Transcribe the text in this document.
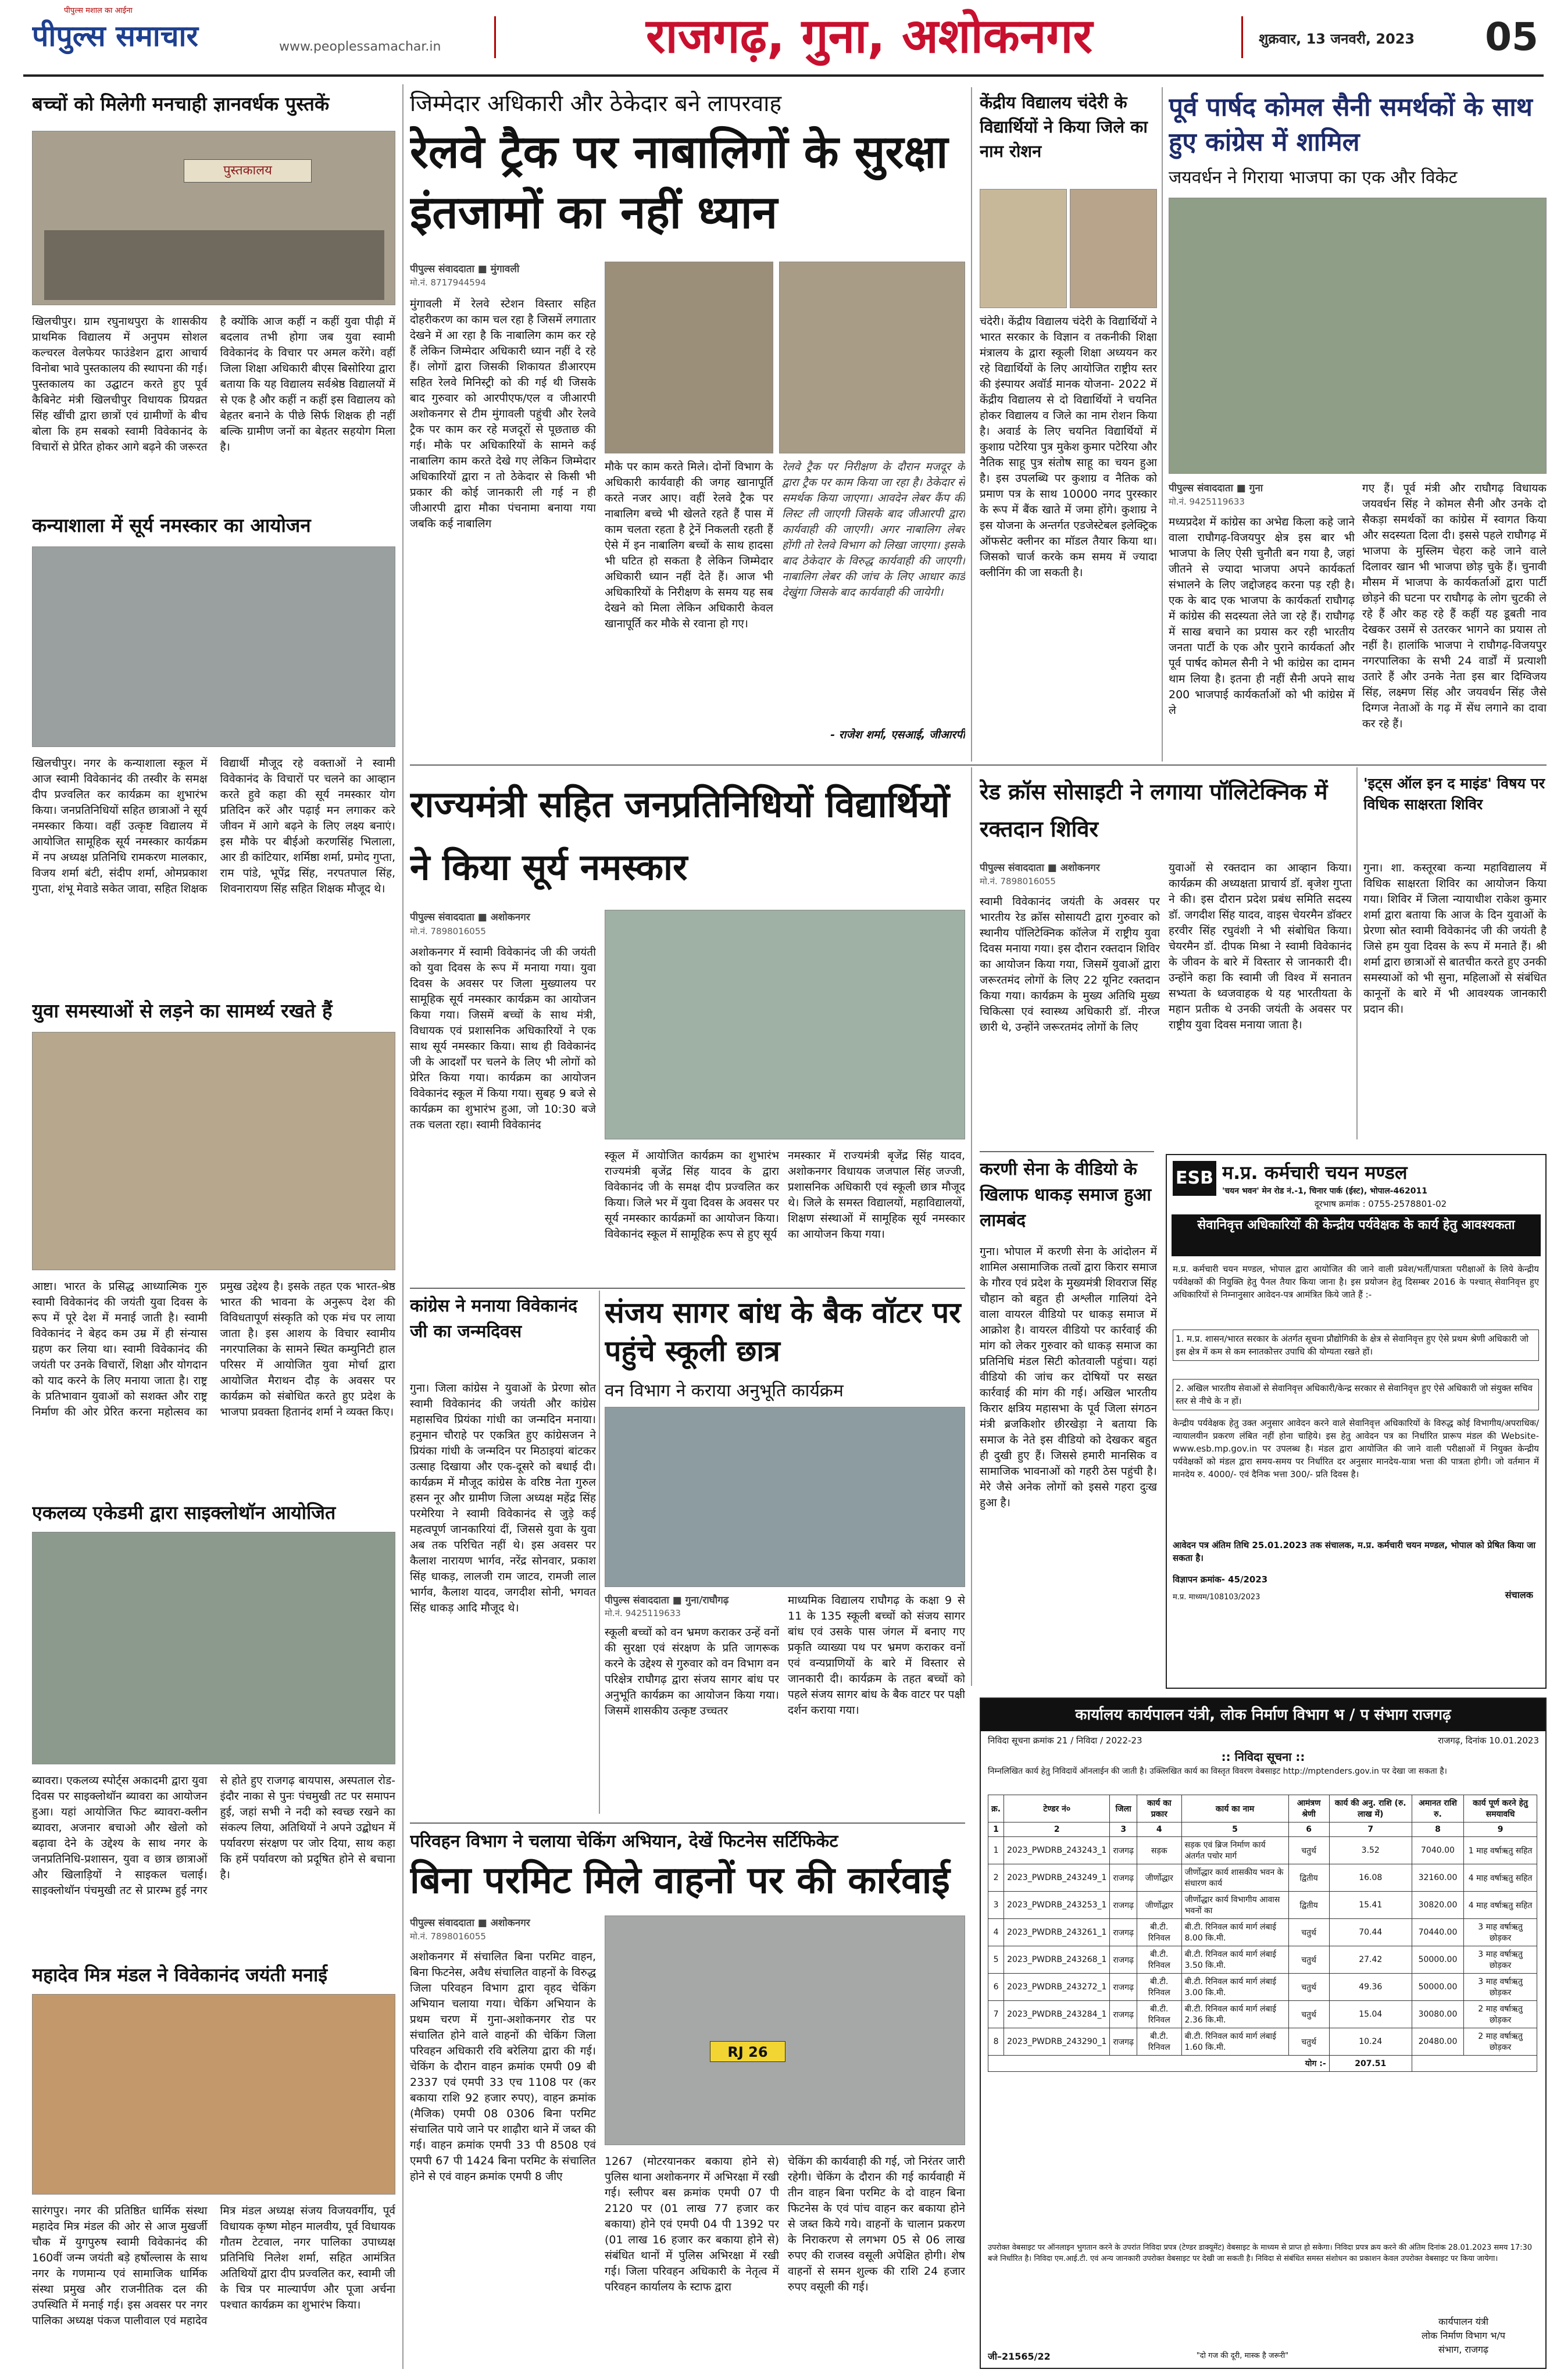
पीपुल्स मशाल का आईना
पीपुल्स समाचार	www.peoplessamachar.in	राजगढ़, गुना, अशोकनगर	शुक्रवार, 13 जनवरी, 2023	05
बच्चों को मिलेगी मनचाही ज्ञानवर्धक पुस्तकें
पुस्तकालय
खिलचीपुर। ग्राम रघुनाथपुरा के शासकीय प्राथमिक विद्यालय में अनुपम सोशल कल्चरल वेलफेयर फाउंडेशन द्वारा आचार्य विनोबा भावे पुस्तकालय की स्थापना की गई। पुस्तकालय का उद्घाटन करते हुए पूर्व कैबिनेट मंत्री खिलचीपुर विधायक प्रियव्रत सिंह खींची द्वारा छात्रों एवं ग्रामीणों के बीच बोला कि हम सबको स्वामी विवेकानंद के विचारों से प्रेरित होकर आगे बढ़ने की जरूरत है क्योंकि आज कहीं न कहीं युवा पीढ़ी में बदलाव तभी होगा जब युवा स्वामी विवेकानंद के विचार पर अमल करेंगे। वहीं जिला शिक्षा अधिकारी बीएस बिसोरिया द्वारा बताया कि यह विद्यालय सर्वश्रेष्ठ विद्यालयों में से एक है और कहीं न कहीं इस विद्यालय को बेहतर बनाने के पीछे सिर्फ शिक्षक ही नहीं बल्कि ग्रामीण जनों का बेहतर सहयोग मिला है।
कन्याशाला में सूर्य नमस्कार का आयोजन
खिलचीपुर। नगर के कन्याशाला स्कूल में आज स्वामी विवेकानंद की तस्वीर के समक्ष दीप प्रज्वलित कर कार्यक्रम का शुभारंभ किया। जनप्रतिनिधियों सहित छात्राओं ने सूर्य नमस्कार किया। वहीं उत्कृष्ट विद्यालय में आयोजित सामूहिक सूर्य नमस्कार कार्यक्रम में नप अध्यक्ष प्रतिनिधि रामकरण मालकार, विजय शर्मा बंटी, संदीप शर्मा, ओमप्रकाश गुप्ता, शंभू मेवाडे सकेत जावा, सहित शिक्षक विद्यार्थी मौजूद रहे वक्ताओं ने स्वामी विवेकानंद के विचारों पर चलने का आव्हान करते हुवे कहा की सूर्य नमस्कार योग प्रतिदिन करें और पढ़ाई मन लगाकर करे जीवन में आगे बढ़ने के लिए लक्ष्य बनाएं। इस मौके पर बीईओ करणसिंह भिलाला, आर डी कांटियार, शर्मिष्ठा शर्मा, प्रमोद गुप्ता, राम पांडे, भूपेंद्र सिंह, नरपतपाल सिंह, शिवनारायण सिंह सहित शिक्षक मौजूद थे।
युवा समस्याओं से लड़ने का सामर्थ्य रखते हैं
आष्टा। भारत के प्रसिद्ध आध्यात्मिक गुरु स्वामी विवेकानंद की जयंती युवा दिवस के रूप में पूरे देश में मनाई जाती है। स्वामी विवेकानंद ने बेहद कम उम्र में ही संन्यास ग्रहण कर लिया था। स्वामी विवेकानंद की जयंती पर उनके विचारों, शिक्षा और योगदान को याद करने के लिए मनाया जाता है। राष्ट्र के प्रतिभावान युवाओं को सशक्त और राष्ट्र निर्माण की ओर प्रेरित करना महोत्सव का प्रमुख उद्देश्य है। इसके तहत एक भारत-श्रेष्ठ भारत की भावना के अनुरूप देश की विविधतापूर्ण संस्कृति को एक मंच पर लाया जाता है। इस आशय के विचार स्वामीय नगरपालिका के सामने स्थित कम्युनिटी हाल परिसर में आयोजित युवा मोर्चा द्वारा आयोजित मैराथन दौड़ के अवसर पर कार्यक्रम को संबोधित करते हुए प्रदेश के भाजपा प्रवक्ता हितानंद शर्मा ने व्यक्त किए।
एकलव्य एकेडमी द्वारा साइक्लोथॉन आयोजित
ब्यावरा। एकलव्य स्पोर्ट्स अकादमी द्वारा युवा दिवस पर साइक्लोथॉन ब्यावरा का आयोजन हुआ। यहां आयोजित फिट ब्यावरा-क्लीन ब्यावरा, अजनार बचाओ और खेलो को बढ़ावा देने के उद्देश्य के साथ नगर के जनप्रतिनिधि-प्रशासन, युवा व छात्र छात्राओं और खिलाड़ियों ने साइकल चलाई। साइक्लोथॉन पंचमुखी तट से प्रारम्भ हुई नगर से होते हुए राजगढ़ बायपास, अस्पताल रोड- इंदौर नाका से पुनः पंचमुखी तट पर समापन हुई, जहां सभी ने नदी को स्वच्छ रखने का संकल्प लिया, अतिथियों ने अपने उद्बोधन में पर्यावरण संरक्षण पर जोर दिया, साथ कहा कि हमें पर्यावरण को प्रदूषित होने से बचाना है।
महादेव मित्र मंडल ने विवेकानंद जयंती मनाई
सारंगपुर। नगर की प्रतिष्ठित धार्मिक संस्था महादेव मित्र मंडल की ओर से आज मुखर्जी चौक में युगपुरुष स्वामी विवेकानंद की 160वीं जन्म जयंती बड़े हर्षोल्लास के साथ नगर के गणमान्य एवं सामाजिक धार्मिक संस्था प्रमुख और राजनीतिक दल की उपस्थिति में मनाई गई। इस अवसर पर नगर पालिका अध्यक्ष पंकज पालीवाल एवं महादेव मित्र मंडल अध्यक्ष संजय विजयवर्गीय, पूर्व विधायक कृष्ण मोहन मालवीय, पूर्व विधायक गौतम टेटवाल, नगर पालिका उपाध्यक्ष प्रतिनिधि निलेश शर्मा, सहित आमंत्रित अतिथियों द्वारा दीप प्रज्वलित कर, स्वामी जी के चित्र पर माल्यार्पण और पूजा अर्चना पश्चात कार्यक्रम का शुभारंभ किया।
जिम्मेदार अधिकारी और ठेकेदार बने लापरवाह
रेलवे ट्रैक पर नाबालिगों के सुरक्षा इंतजामों का नहीं ध्यान
पीपुल्स संवाददाता ■ मुंगावली
मो.नं. 8717944594
मुंगावली में रेलवे स्टेशन विस्तार सहित दोहरीकरण का काम चल रहा है जिसमें लगातार देखने में आ रहा है कि नाबालिग काम कर रहे हैं लेकिन जिम्मेदार अधिकारी ध्यान नहीं दे रहे हैं। लोगों द्वारा जिसकी शिकायत डीआरएम सहित रेलवे मिनिस्ट्री को की गई थी जिसके बाद गुरुवार को आरपीएफ/एल व जीआरपी अशोकनगर से टीम मुंगावली पहुंची और रेलवे ट्रैक पर काम कर रहे मजदूरों से पूछताछ की गई। मौके पर अधिकारियों के सामने कई नाबालिग काम करते देखे गए लेकिन जिम्मेदार अधिकारियों द्वारा न तो ठेकेदार से किसी भी प्रकार की कोई जानकारी ली गई न ही जीआरपी द्वारा मौका पंचनामा बनाया गया जबकि कई नाबालिग
मौके पर काम करते मिले। दोनों विभाग के अधिकारी कार्यवाही की जगह खानापूर्ति करते नजर आए। वहीं रेलवे ट्रैक पर नाबालिग बच्चे भी खेलते रहते हैं पास में काम चलता रहता है ट्रेनें निकलती रहती हैं ऐसे में इन नाबालिग बच्चों के साथ हादसा भी घटित हो सकता है लेकिन जिम्मेदार अधिकारी ध्यान नहीं देते हैं। आज भी अधिकारियों के निरीक्षण के समय यह सब देखने को मिला लेकिन अधिकारी केवल खानापूर्ति कर मौके से रवाना हो गए।
रेलवे ट्रैक पर निरीक्षण के दौरान मजदूर के द्वारा ट्रैक पर काम किया जा रहा है। ठेकेदार से समर्थक किया जाएगा। आवदेन लेबर कैंप की लिस्ट ली जाएगी जिसके बाद जीआरपी द्वारा कार्यवाही की जाएगी। अगर नाबालिग लेबर होंगी तो रेलवे विभाग को लिखा जाएगा। इसके बाद ठेकेदार के विरुद्ध कार्यवाही की जाएगी। नाबालिग लेबर की जांच के लिए आधार कार्ड देखुंगा जिसके बाद कार्यवाही की जायेगी।
- राजेश शर्मा, एसआई, जीआरपी
केंद्रीय विद्यालय चंदेरी के विद्यार्थियों ने किया जिले का नाम रोशन
चंदेरी। केंद्रीय विद्यालय चंदेरी के विद्यार्थियों ने भारत सरकार के विज्ञान व तकनीकी शिक्षा मंत्रालय के द्वारा स्कूली शिक्षा अध्ययन कर रहे विद्यार्थियों के लिए आयोजित राष्ट्रीय स्तर की इंस्पायर अवॉर्ड मानक योजना- 2022 में केंद्रीय विद्यालय से दो विद्यार्थियों ने चयनित होकर विद्यालय व जिले का नाम रोशन किया है। अवार्ड के लिए चयनित विद्यार्थियों में कुशाग्र पटेरिया पुत्र मुकेश कुमार पटेरिया और नैतिक साहू पुत्र संतोष साहू का चयन हुआ है। इस उपलब्धि पर कुशाग्र व नैतिक को प्रमाण पत्र के साथ 10000 नगद पुरस्कार के रूप में बैंक खाते में जमा होंगे। कुशाग्र ने इस योजना के अन्तर्गत एडजेस्टेबल इलेक्ट्रिक ऑफसेट क्लीनर का मॉडल तैयार किया था। जिसको चार्ज करके कम समय में ज्यादा क्लीनिंग की जा सकती है।
पूर्व पार्षद कोमल सैनी समर्थकों के साथ हुए कांग्रेस में शामिल
जयवर्धन ने गिराया भाजपा का एक और विकेट
पीपुल्स संवाददाता ■ गुना
मो.नं. 9425119633
मध्यप्रदेश में कांग्रेस का अभेद्य किला कहे जाने वाला राघौगढ़-विजयपुर क्षेत्र इस बार भी भाजपा के लिए ऐसी चुनौती बन गया है, जहां जीतने से ज्यादा भाजपा अपने कार्यकर्ता संभालने के लिए जद्दोजहद करना पड़ रही है। एक के बाद एक भाजपा के कार्यकर्ता राघौगढ़ में कांग्रेस की सदस्यता लेते जा रहे हैं। राघौगढ़ में साख बचाने का प्रयास कर रही भारतीय जनता पार्टी के एक और पुराने कार्यकर्ता और पूर्व पार्षद कोमल सैनी ने भी कांग्रेस का दामन थाम लिया है। इतना ही नहीं सैनी अपने साथ 200 भाजपाई कार्यकर्ताओं को भी कांग्रेस में ले
गए हैं। पूर्व मंत्री और राघौगढ़ विधायक जयवर्धन सिंह ने कोमल सैनी और उनके दो सैकड़ा समर्थकों का कांग्रेस में स्वागत किया और सदस्यता दिला दी। इससे पहले राघौगढ़ में भाजपा के मुस्लिम चेहरा कहे जाने वाले दिलावर खान भी भाजपा छोड़ चुके हैं। चुनावी मौसम में भाजपा के कार्यकर्ताओं द्वारा पार्टी छोड़ने की घटना पर राघौगढ़ के लोग चुटकी ले रहे हैं और कह रहे हैं कहीं यह डूबती नाव देखकर उसमें से उतरकर भागने का प्रयास तो नहीं है। हालांकि भाजपा ने राघौगढ़-विजयपुर नगरपालिका के सभी 24 वार्डों में प्रत्याशी उतारे हैं और उनके नेता इस बार दिग्विजय सिंह, लक्ष्मण सिंह और जयवर्धन सिंह जैसे दिग्गज नेताओं के गढ़ में सेंध लगाने का दावा कर रहे हैं।
राज्यमंत्री सहित जनप्रतिनिधियों विद्यार्थियों ने किया सूर्य नमस्कार
पीपुल्स संवाददाता ■ अशोकनगर
मो.नं. 7898016055
अशोकनगर में स्वामी विवेकानंद जी की जयंती को युवा दिवस के रूप में मनाया गया। युवा दिवस के अवसर पर जिला मुख्यालय पर सामूहिक सूर्य नमस्कार कार्यक्रम का आयोजन किया गया। जिसमें बच्चों के साथ मंत्री, विधायक एवं प्रशासनिक अधिकारियों ने एक साथ सूर्य नमस्कार किया। साथ ही विवेकानंद जी के आदर्शों पर चलने के लिए भी लोगों को प्रेरित किया गया। कार्यक्रम का आयोजन विवेकानंद स्कूल में किया गया। सुबह 9 बजे से कार्यक्रम का शुभारंभ हुआ, जो 10:30 बजे तक चलता रहा। स्वामी विवेकानंद
स्कूल में आयोजित कार्यक्रम का शुभारंभ राज्यमंत्री बृजेंद्र सिंह यादव के द्वारा विवेकानंद जी के समक्ष दीप प्रज्वलित कर किया। जिले भर में युवा दिवस के अवसर पर सूर्य नमस्कार कार्यक्रमों का आयोजन किया। विवेकानंद स्कूल में सामूहिक रूप से हुए सूर्य
नमस्कार में राज्यमंत्री बृजेंद्र सिंह यादव, अशोकनगर विधायक जजपाल सिंह जज्जी, प्रशासनिक अधिकारी एवं स्कूली छात्र मौजूद थे। जिले के समस्त विद्यालयों, महाविद्यालयों, शिक्षण संस्थाओं में सामूहिक सूर्य नमस्कार का आयोजन किया गया।
रेड क्रॉस सोसाइटी ने लगाया पॉलिटेक्निक में रक्तदान शिविर
पीपुल्स संवाददाता ■ अशोकनगर
मो.नं. 7898016055
स्वामी विवेकानंद जयंती के अवसर पर भारतीय रेड क्रॉस सोसायटी द्वारा गुरुवार को स्थानीय पॉलिटेक्निक कॉलेज में राष्ट्रीय युवा दिवस मनाया गया। इस दौरान रक्तदान शिविर का आयोजन किया गया, जिसमें युवाओं द्वारा जरूरतमंद लोगों के लिए 22 यूनिट रक्तदान किया गया। कार्यक्रम के मुख्य अतिथि मुख्य चिकित्सा एवं स्वास्थ्य अधिकारी डॉ. नीरज छारी थे, उन्होंने जरूरतमंद लोगों के लिए
युवाओं से रक्तदान का आव्हान किया। कार्यक्रम की अध्यक्षता प्राचार्य डॉ. बृजेश गुप्ता ने की। इस दौरान प्रदेश प्रबंध समिति सदस्य डॉ. जगदीश सिंह यादव, वाइस चेयरमैन डॉक्टर हरवीर सिंह रघुवंशी ने भी संबोधित किया। चेयरमैन डॉ. दीपक मिश्रा ने स्वामी विवेकानंद के जीवन के बारे में विस्तार से जानकारी दी। उन्होंने कहा कि स्वामी जी विश्व में सनातन सभ्यता के ध्वजवाहक थे यह भारतीयता के महान प्रतीक थे उनकी जयंती के अवसर पर राष्ट्रीय युवा दिवस मनाया जाता है।
'इट्स ऑल इन द माइंड' विषय पर विधिक साक्षरता शिविर
गुना। शा. कस्तूरबा कन्या महाविद्यालय में विधिक साक्षरता शिविर का आयोजन किया गया। शिविर में जिला न्यायाधीश राकेश कुमार शर्मा द्वारा बताया कि आज के दिन युवाओं के प्रेरणा स्रोत स्वामी विवेकानंद जी की जयंती है जिसे हम युवा दिवस के रूप में मनाते हैं। श्री शर्मा द्वारा छात्राओं से बातचीत करते हुए उनकी समस्याओं को भी सुना, महिलाओं से संबंधित कानूनों के बारे में भी आवश्यक जानकारी प्रदान की।
कांग्रेस ने मनाया विवेकानंद जी का जन्मदिवस
गुना। जिला कांग्रेस ने युवाओं के प्रेरणा स्रोत स्वामी विवेकानंद की जयंती और कांग्रेस महासचिव प्रियंका गांधी का जन्मदिन मनाया। हनुमान चौराहे पर एकत्रित हुए कांग्रेसजन ने प्रियंका गांधी के जन्मदिन पर मिठाइयां बांटकर उत्साह दिखाया और एक-दूसरे को बधाई दी। कार्यक्रम में मौजूद कांग्रेस के वरिष्ठ नेता गुरुल हसन नूर और ग्रामीण जिला अध्यक्ष महेंद्र सिंह परमेरिया ने स्वामी विवेकानंद से जुड़े कई महत्वपूर्ण जानकारियां दीं, जिससे युवा के युवा अब तक परिचित नहीं थे। इस अवसर पर कैलाश नारायण भार्गव, नरेंद्र सोनवार, प्रकाश सिंह धाकड़, लालजी राम जाटव, रामजी लाल भार्गव, कैलाश यादव, जगदीश सोनी, भगवत सिंह धाकड़ आदि मौजूद थे।
संजय सागर बांध के बैक वॉटर पर पहुंचे स्कूली छात्र
वन विभाग ने कराया अनुभूति कार्यक्रम
पीपुल्स संवाददाता ■ गुना/राघौगढ़
मो.नं. 9425119633
स्कूली बच्चों को वन भ्रमण कराकर उन्हें वनों की सुरक्षा एवं संरक्षण के प्रति जागरूक करने के उद्देश्य से गुरुवार को वन विभाग वन परिक्षेत्र राघौगढ़ द्वारा संजय सागर बांध पर अनुभूति कार्यक्रम का आयोजन किया गया। जिसमें शासकीय उत्कृष्ट उच्चतर
माध्यमिक विद्यालय राघौगढ़ के कक्षा 9 से 11 के 135 स्कूली बच्चों को संजय सागर बांध एवं उसके पास जंगल में बनाए गए प्रकृति व्याख्या पथ पर भ्रमण कराकर वनों एवं वन्यप्राणियों के बारे में विस्तार से जानकारी दी। कार्यक्रम के तहत बच्चों को पहले संजय सागर बांध के बैक वाटर पर पक्षी दर्शन कराया गया।
करणी सेना के वीडियो के खिलाफ धाकड़ समाज हुआ लामबंद
गुना। भोपाल में करणी सेना के आंदोलन में शामिल असामाजिक तत्वों द्वारा किरार समाज के गौरव एवं प्रदेश के मुख्यमंत्री शिवराज सिंह चौहान को बहुत ही अश्लील गालियां देने वाला वायरल वीडियो पर धाकड़ समाज में आक्रोश है। वायरल वीडियो पर कार्रवाई की मांग को लेकर गुरुवार को धाकड़ समाज का प्रतिनिधि मंडल सिटी कोतवाली पहुंचा। यहां वीडियो की जांच कर दोषियों पर सख्त कार्रवाई की मांग की गई। अखिल भारतीय किरार क्षत्रिय महासभा के पूर्व जिला संगठन मंत्री ब्रजकिशोर छीरखेड़ा ने बताया कि समाज के नेते इस वीडियो को देखकर बहुत ही दुखी हुए हैं। जिससे हमारी मानसिक व सामाजिक भावनाओं को गहरी ठेस पहुंची है। मेरे जैसे अनेक लोगों को इससे गहरा दुःख हुआ है।
ESB म.प्र. कर्मचारी चयन मण्डल
'चयन भवन' मेन रोड नं.-1, चिनार पार्क (ईस्ट), भोपाल-462011
दूरभाष क्रमांक : 0755-2578801-02
सेवानिवृत्त अधिकारियों की केन्द्रीय पर्यवेक्षक के कार्य हेतु आवश्यकता
म.प्र. कर्मचारी चयन मण्डल, भोपाल द्वारा आयोजित की जाने वाली प्रवेश/भर्ती/पात्रता परीक्षाओं के लिये केन्द्रीय पर्यवेक्षकों की नियुक्ति हेतु पैनल तैयार किया जाना है। इस प्रयोजन हेतु दिसम्बर 2016 के पश्चात् सेवानिवृत्त हुए अधिकारियों से निम्नानुसार आवेदन-पत्र आमंत्रित किये जाते हैं :-
1. म.प्र. शासन/भारत सरकार के अंतर्गत सूचना प्रौद्योगिकी के क्षेत्र से सेवानिवृत्त हुए ऐसे प्रथम श्रेणी अधिकारी जो इस क्षेत्र में कम से कम स्नातकोत्तर उपाधि की योग्यता रखते हों।
2. अखिल भारतीय सेवाओं से सेवानिवृत्त अधिकारी/केन्द्र सरकार से सेवानिवृत्त हुए ऐसे अधिकारी जो संयुक्त सचिव स्तर से नीचे के न हों।
केन्द्रीय पर्यवेक्षक हेतु उक्त अनुसार आवेदन करने वाले सेवानिवृत्त अधिकारियों के विरुद्ध कोई विभागीय/अपराधिक/न्यायालयीन प्रकरण लंबित नहीं होना चाहिये। इस हेतु आवेदन पत्र का निर्धारित प्रारूप मंडल की Website-www.esb.mp.gov.in पर उपलब्ध है। मंडल द्वारा आयोजित की जाने वाली परीक्षाओं में नियुक्त केन्द्रीय पर्यवेक्षकों को मंडल द्वारा समय-समय पर निर्धारित दर अनुसार मानदेय-यात्रा भत्ता की पात्रता होगी। जो वर्तमान में मानदेय रु. 4000/- एवं दैनिक भत्ता 300/- प्रति दिवस है।
आवेदन पत्र अंतिम तिथि 25.01.2023 तक संचालक, म.प्र. कर्मचारी चयन मण्डल, भोपाल को प्रेषित किया जा सकता है।
विज्ञापन क्रमांक- 45/2023
संचालक
म.प्र. माध्यम/108103/2023
परिवहन विभाग ने चलाया चेकिंग अभियान, देखें फिटनेस सर्टिफिकेट
बिना परमिट मिले वाहनों पर की कार्रवाई
पीपुल्स संवाददाता ■ अशोकनगर
मो.नं. 7898016055
अशोकनगर में संचालित बिना परमिट वाहन, बिना फिटनेस, अवैध संचालित वाहनों के विरुद्ध जिला परिवहन विभाग द्वारा वृहद चेकिंग अभियान चलाया गया। चेकिंग अभियान के प्रथम चरण में गुना-अशोकनगर रोड पर संचालित होने वाले वाहनों की चेकिंग जिला परिवहन अधिकारी रवि बरेलिया द्वारा की गई। चेकिंग के दौरान वाहन क्रमांक एमपी 09 बी 2337 एवं एमपी 33 एच 1108 पर (कर बकाया राशि 92 हजार रुपए), वाहन क्रमांक (मैजिक) एमपी 08 0306 बिना परमिट संचालित पाये जाने पर शाढ़ौरा थाने में जब्त की गई। वाहन क्रमांक एमपी 33 पी 8508 एवं एमपी 67 पी 1424 बिना परमिट के संचालित होने से एवं वाहन क्रमांक एमपी 8 जीए
RJ 26
1267 (मोटरयानकर बकाया होने से) पुलिस थाना अशोकनगर में अभिरक्षा में रखी गई। स्लीपर बस क्रमांक एमपी 07 पी 2120 पर (01 लाख 77 हजार कर बकाया) होने एवं एमपी 04 पी 1392 पर (01 लाख 16 हजार कर बकाया होने से) संबंधित थानों में पुलिस अभिरक्षा में रखी गई। जिला परिवहन अधिकारी के नेतृत्व में परिवहन कार्यालय के स्टाफ द्वारा
चेकिंग की कार्यवाही की गई, जो निरंतर जारी रहेगी। चेकिंग के दौरान की गई कार्यवाही में तीन वाहन बिना परमिट के दो वाहन बिना फिटनेस के एवं पांच वाहन कर बकाया होने से जब्त किये गये। वाहनों के चालान प्रकरण के निराकरण से लगभग 05 से 06 लाख रुपए की राजस्व वसूली अपेक्षित होगी। शेष वाहनों से समन शुल्क की राशि 24 हजार रुपए वसूली की गई।
कार्यालय कार्यपालन यंत्री, लोक निर्माण विभाग भ / प संभाग राजगढ़
निविदा सूचना क्रमांक 21 / निविदा / 2022-23	राजगढ़, दिनांक 10.01.2023
:: निविदा सूचना ::
निम्नलिखित कार्य हेतु निविदायें ऑनलाईन की जाती है। उक्त्लिखित कार्य का विस्तृत विवरण वेबसाइट http://mptenders.gov.in पर देखा जा सकता है।
क्र.	टेण्डर नं०	जिला	कार्य का प्रकार	कार्य का नाम	आमंत्रण श्रेणी	कार्य की अनु. राशि (रु. लाख में)	अमानत राशि रु.	कार्य पूर्ण करने हेतु समयावधि
1	2	3	4	5	6	7	8	9
1	2023_PWDRB_243243_1	राजगढ़	सड़क	सड़क एवं ब्रिज निर्माण कार्य अंतर्गत पचोर मार्ग	चतुर्थ	3.52	7040.00	1 माह वर्षाऋतु सहित
2	2023_PWDRB_243249_1	राजगढ़	जीर्णोद्धार	जीर्णोद्धार कार्य शासकीय भवन के संधारण कार्य	द्वितीय	16.08	32160.00	4 माह वर्षाऋतु सहित
3	2023_PWDRB_243253_1	राजगढ़	जीर्णोद्धार	जीर्णोद्धार कार्य विभागीय आवास भवनों का	द्वितीय	15.41	30820.00	4 माह वर्षाऋतु सहित
4	2023_PWDRB_243261_1	राजगढ़	बी.टी. रिनिवल	बी.टी. रिनिवल कार्य मार्ग लंबाई 8.00 कि.मी.	चतुर्थ	70.44	70440.00	3 माह वर्षाऋतु छोड़कर
5	2023_PWDRB_243268_1	राजगढ़	बी.टी. रिनिवल	बी.टी. रिनिवल कार्य मार्ग लंबाई 3.50 कि.मी.	चतुर्थ	27.42	50000.00	3 माह वर्षाऋतु छोड़कर
6	2023_PWDRB_243272_1	राजगढ़	बी.टी. रिनिवल	बी.टी. रिनिवल कार्य मार्ग लंबाई 3.00 कि.मी.	चतुर्थ	49.36	50000.00	3 माह वर्षाऋतु छोड़कर
7	2023_PWDRB_243284_1	राजगढ़	बी.टी. रिनिवल	बी.टी. रिनिवल कार्य मार्ग लंबाई 2.36 कि.मी.	चतुर्थ	15.04	30080.00	2 माह वर्षाऋतु छोड़कर
8	2023_PWDRB_243290_1	राजगढ़	बी.टी. रिनिवल	बी.टी. रिनिवल कार्य मार्ग लंबाई 1.60 कि.मी.	चतुर्थ	10.24	20480.00	2 माह वर्षाऋतु छोड़कर
योग :-						207.51		
उपरोक्त वेबसाइट पर ऑनलाइन भुगतान करने के उपरांत निविदा प्रपत्र (टेण्डर डाक्यूमेंट) वेबसाइट के माध्यम से प्राप्त हो सकेगा। निविदा प्रपत्र क्रय करने की अंतिम दिनांक 28.01.2023 समय 17:30 बजे निर्धारित है। निविदा एम.आई.टी. एवं अन्य जानकारी उपरोक्त वेबसाइट पर देखी जा सकती है। निविदा से संबंधित समस्त संशोधन का प्रकाशन केवल उपरोक्त वेबसाइट पर किया जायेगा।
जी–21565/22	"दो गज की दूरी, मास्क है जरूरी"
कार्यपालन यंत्री
लोक निर्माण विभाग भ/प
संभाग, राजगढ़
